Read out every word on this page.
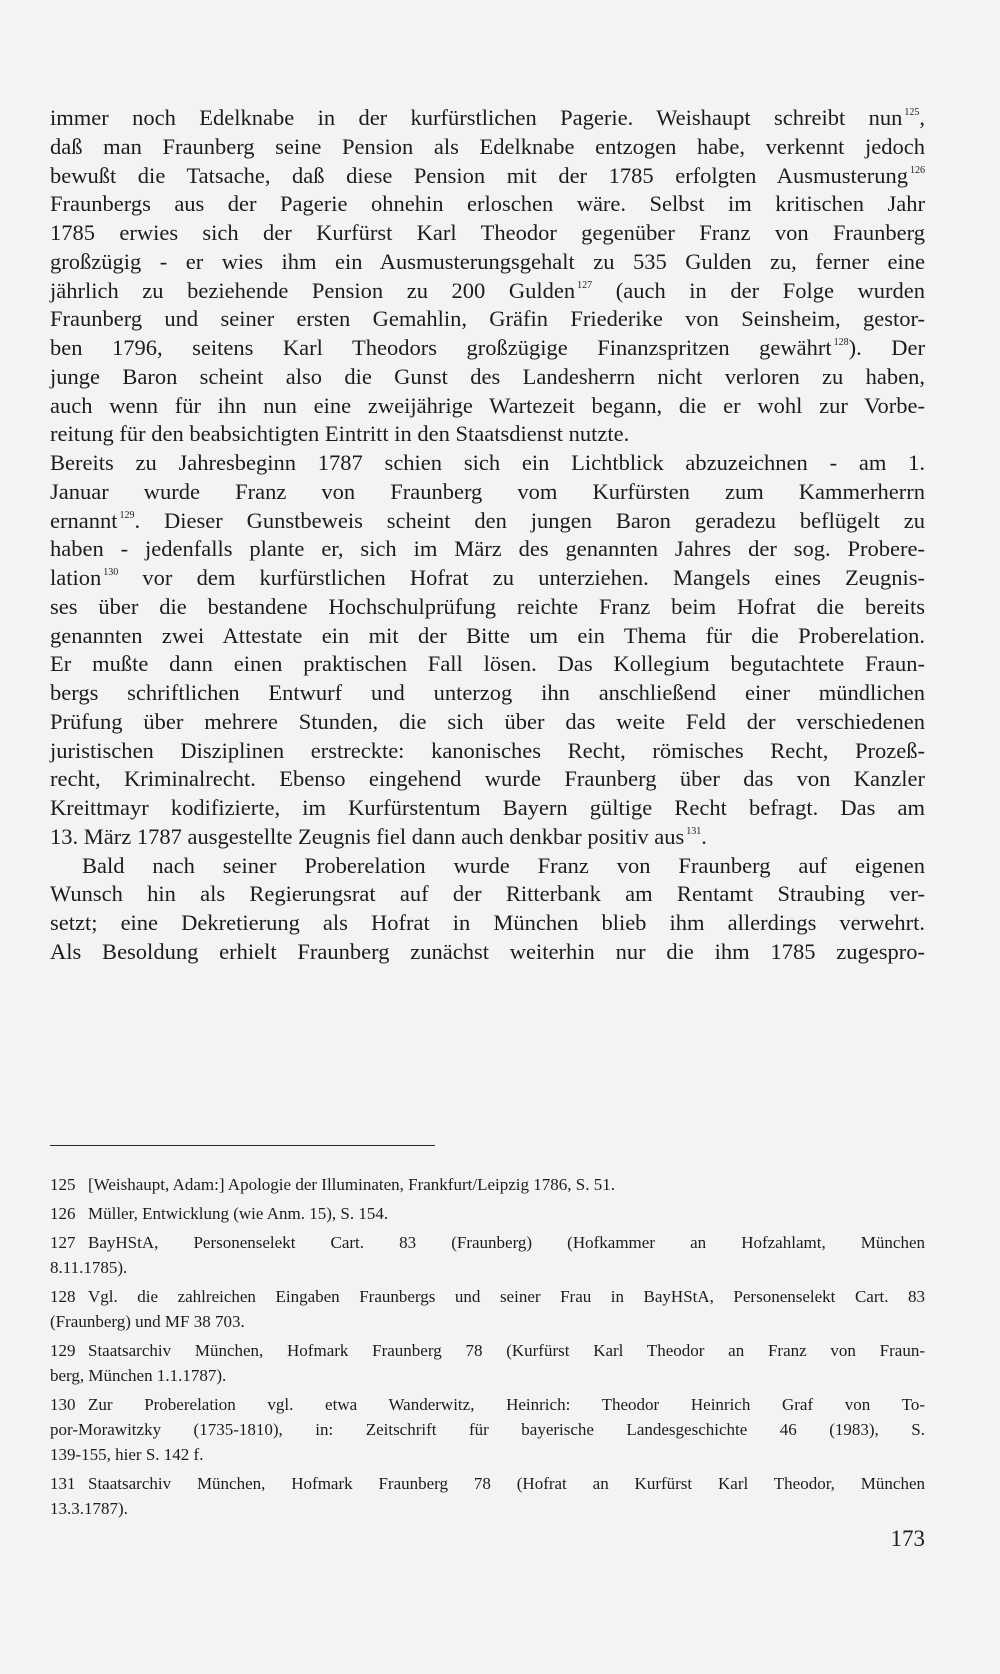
immer noch Edelknabe in der kurfürstlichen Pagerie. Weishaupt schreibt nun $^{125}$,
daß man Fraunberg seine Pension als Edelknabe entzogen habe, verkennt jedoch
bewußt die Tatsache, daß diese Pension mit der 1785 erfolgten Ausmusterung $^{126}$
Fraunbergs aus der Pagerie ohnehin erloschen wäre. Selbst im kritischen Jahr
1785 erwies sich der Kurfürst Karl Theodor gegenüber Franz von Fraunberg
großzügig - er wies ihm ein Ausmusterungsgehalt zu 535 Gulden zu, ferner eine
jährlich zu beziehende Pension zu 200 Gulden $^{127}$ (auch in der Folge wurden
Fraunberg und seiner ersten Gemahlin, Gräfin Friederike von Seinsheim, gestor-
ben 1796, seitens Karl Theodors großzügige Finanzspritzen gewährt $^{128}$). Der
junge Baron scheint also die Gunst des Landesherrn nicht verloren zu haben,
auch wenn für ihn nun eine zweijährige Wartezeit begann, die er wohl zur Vorbe-
reitung für den beabsichtigten Eintritt in den Staatsdienst nutzte.
Bereits zu Jahresbeginn 1787 schien sich ein Lichtblick abzuzeichnen - am 1.
Januar wurde Franz von Fraunberg vom Kurfürsten zum Kammerherrn
ernannt $^{129}$. Dieser Gunstbeweis scheint den jungen Baron geradezu beflügelt zu
haben - jedenfalls plante er, sich im März des genannten Jahres der sog. Probere-
lation $^{130}$ vor dem kurfürstlichen Hofrat zu unterziehen. Mangels eines Zeugnis-
ses über die bestandene Hochschulprüfung reichte Franz beim Hofrat die bereits
genannten zwei Attestate ein mit der Bitte um ein Thema für die Proberelation.
Er mußte dann einen praktischen Fall lösen. Das Kollegium begutachtete Fraun-
bergs schriftlichen Entwurf und unterzog ihn anschließend einer mündlichen
Prüfung über mehrere Stunden, die sich über das weite Feld der verschiedenen
juristischen Disziplinen erstreckte: kanonisches Recht, römisches Recht, Prozeß-
recht, Kriminalrecht. Ebenso eingehend wurde Fraunberg über das von Kanzler
Kreittmayr kodifizierte, im Kurfürstentum Bayern gültige Recht befragt. Das am
13. März 1787 ausgestellte Zeugnis fiel dann auch denkbar positiv aus $^{131}$.
Bald nach seiner Proberelation wurde Franz von Fraunberg auf eigenen
Wunsch hin als Regierungsrat auf der Ritterbank am Rentamt Straubing ver-
setzt; eine Dekretierung als Hofrat in München blieb ihm allerdings verwehrt.
Als Besoldung erhielt Fraunberg zunächst weiterhin nur die ihm 1785 zugespro-
125 [Weishaupt, Adam:] Apologie der Illuminaten, Frankfurt/Leipzig 1786, S. 51.
126 Müller, Entwicklung (wie Anm. 15), S. 154.
127 BayHStA, Personenselekt Cart. 83 (Fraunberg) (Hofkammer an Hofzahlamt, München
8.11.1785).
128 Vgl. die zahlreichen Eingaben Fraunbergs und seiner Frau in BayHStA, Personenselekt Cart. 83
(Fraunberg) und MF 38 703.
129 Staatsarchiv München, Hofmark Fraunberg 78 (Kurfürst Karl Theodor an Franz von Fraun-
berg, München 1.1.1787).
130 Zur Proberelation vgl. etwa Wanderwitz, Heinrich: Theodor Heinrich Graf von To-
por-Morawitzky (1735-1810), in: Zeitschrift für bayerische Landesgeschichte 46 (1983), S.
139-155, hier S. 142 f.
131 Staatsarchiv München, Hofmark Fraunberg 78 (Hofrat an Kurfürst Karl Theodor, München
13.3.1787).
173
